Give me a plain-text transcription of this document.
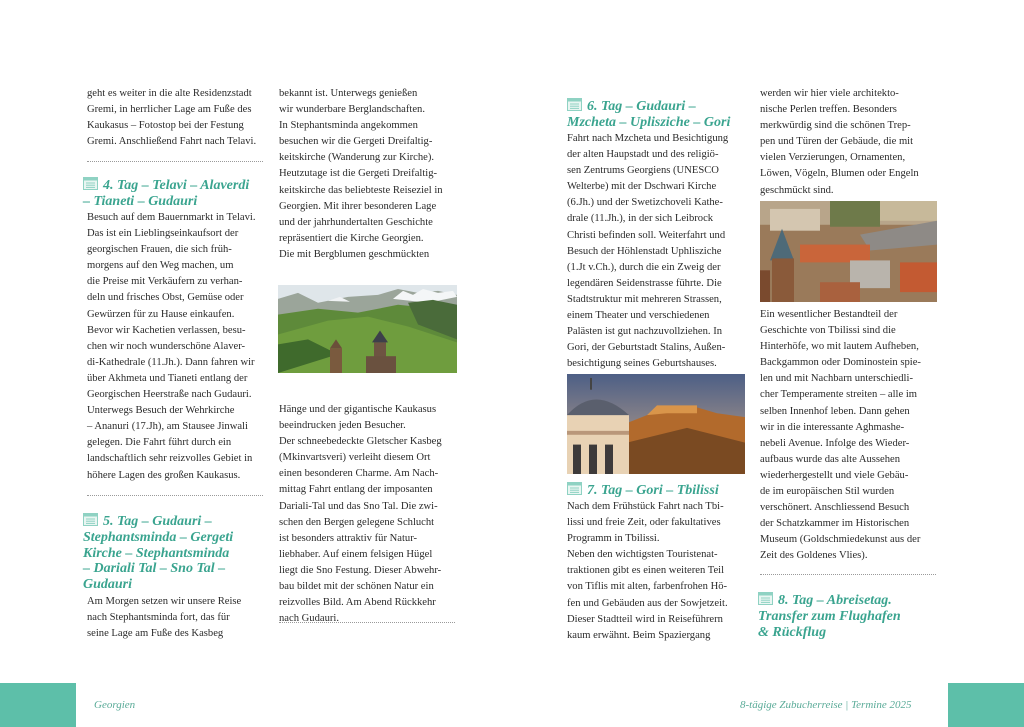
geht es weiter in die alte Residenzstadt

Gremi, in herrlicher Lage am Fuße des

Kaukasus – Fotostop bei der Festung

Gremi. Anschließend Fahrt nach Telavi.

4. Tag – Telavi – Alaverdi
– Tianeti – Gudauri

Besuch auf dem Bauernmarkt in Telavi.

Das ist ein Lieblingseinkaufsort der

georgischen Frauen, die sich früh-

morgens auf den Weg machen, um

die Preise mit Verkäufern zu verhan-

deln und frisches Obst, Gemüse oder

Gewürzen für zu Hause einkaufen.

Bevor wir Kachetien verlassen, besu-

chen wir noch wunderschöne Alaver-

di-Kathedrale (11.Jh.). Dann fahren wir

über Akhmeta und Tianeti entlang der

Georgischen Heerstraße nach Gudauri.

Unterwegs Besuch der Wehrkirche

– Ananuri (17.Jh), am Stausee Jinwali

gelegen. Die Fahrt führt durch ein

landschaftlich sehr reizvolles Gebiet in

höhere Lagen des großen Kaukasus.

5. Tag – Gudauri –
Stephantsminda – Gergeti
Kirche – Stephantsminda
– Dariali Tal – Sno Tal –
Gudauri

Am Morgen setzen wir unsere Reise

nach Stephantsminda fort, das für

seine Lage am Fuße des Kasbeg

bekannt ist. Unterwegs genießen

wir wunderbare Berglandschaften.

In Stephantsminda angekommen

besuchen wir die Gergeti Dreifaltig-

keitskirche (Wanderung zur Kirche).

Heutzutage ist die Gergeti Dreifaltig-

keitskirche das beliebteste Reiseziel in

Georgien. Mit ihrer besonderen Lage

und der jahrhundertalten Geschichte

repräsentiert die Kirche Georgien.

Die mit Bergblumen geschmückten

Hänge und der gigantische Kaukasus

beeindrucken jeden Besucher.

Der schneebedeckte Gletscher Kasbeg

(Mkinvartsveri) verleiht diesem Ort

einen besonderen Charme. Am Nach-

mittag Fahrt entlang der imposanten

Dariali-Tal und das Sno Tal. Die zwi-

schen den Bergen gelegene Schlucht

ist besonders attraktiv für Natur-

liebhaber. Auf einem felsigen Hügel

liegt die Sno Festung. Dieser Abwehr-

bau bildet mit der schönen Natur ein

reizvolles Bild. Am Abend Rückkehr

nach Gudauri.

Georgien
6. Tag – Gudauri –
Mzcheta – Uplisziche – Gori

Fahrt nach Mzcheta und Besichtigung

der alten Haupstadt und des religiö-

sen Zentrums Georgiens (UNESCO

Welterbe) mit der Dschwari Kirche

(6.Jh.) und der Swetizchoveli Kathe-

drale (11.Jh.), in der sich Leibrock

Christi befinden soll. Weiterfahrt und

Besuch der Höhlenstadt Uphlisziche

(1.Jt v.Ch.), durch die ein Zweig der

legendären Seidenstrasse führte. Die

Stadtstruktur mit mehreren Strassen,

einem Theater und verschiedenen

Palästen ist gut nachzuvollziehen. In

Gori, der Geburtstadt Stalins, Außen-

besichtigung seines Geburtshauses.

7. Tag – Gori – Tbilissi

Nach dem Frühstück Fahrt nach Tbi-

lissi und freie Zeit, oder fakultatives

Programm in Tbilissi.

Neben den wichtigsten Touristenat-

traktionen gibt es einen weiteren Teil

von Tiflis mit alten, farbenfrohen Hö-

fen und Gebäuden aus der Sowjetzeit.

Dieser Stadtteil wird in Reiseführern

kaum erwähnt. Beim Spaziergang

werden wir hier viele architekto-

nische Perlen treffen. Besonders

merkwürdig sind die schönen Trep-

pen und Türen der Gebäude, die mit

vielen Verzierungen, Ornamenten,

Löwen, Vögeln, Blumen oder Engeln

geschmückt sind.

Ein wesentlicher Bestandteil der

Geschichte von Tbilissi sind die

Hinterhöfe, wo mit lautem Aufheben,

Backgammon oder Dominostein spie-

len und mit Nachbarn unterschiedli-

cher Temperamente streiten – alle im

selben Innenhof leben. Dann gehen

wir in die interessante Aghmashe-

nebeli Avenue. Infolge des Wieder-

aufbaus wurde das alte Aussehen

wiederhergestellt und viele Gebäu-

de im europäischen Stil wurden

verschönert. Anschliessend Besuch

der Schatzkammer im Historischen

Museum (Goldschmiedekunst aus der

Zeit des Goldenes Vlies).

8. Tag – Abreisetag.
Transfer zum Flughafen
& Rückflug

8-tägige Zubucherreise | Termine 2025
